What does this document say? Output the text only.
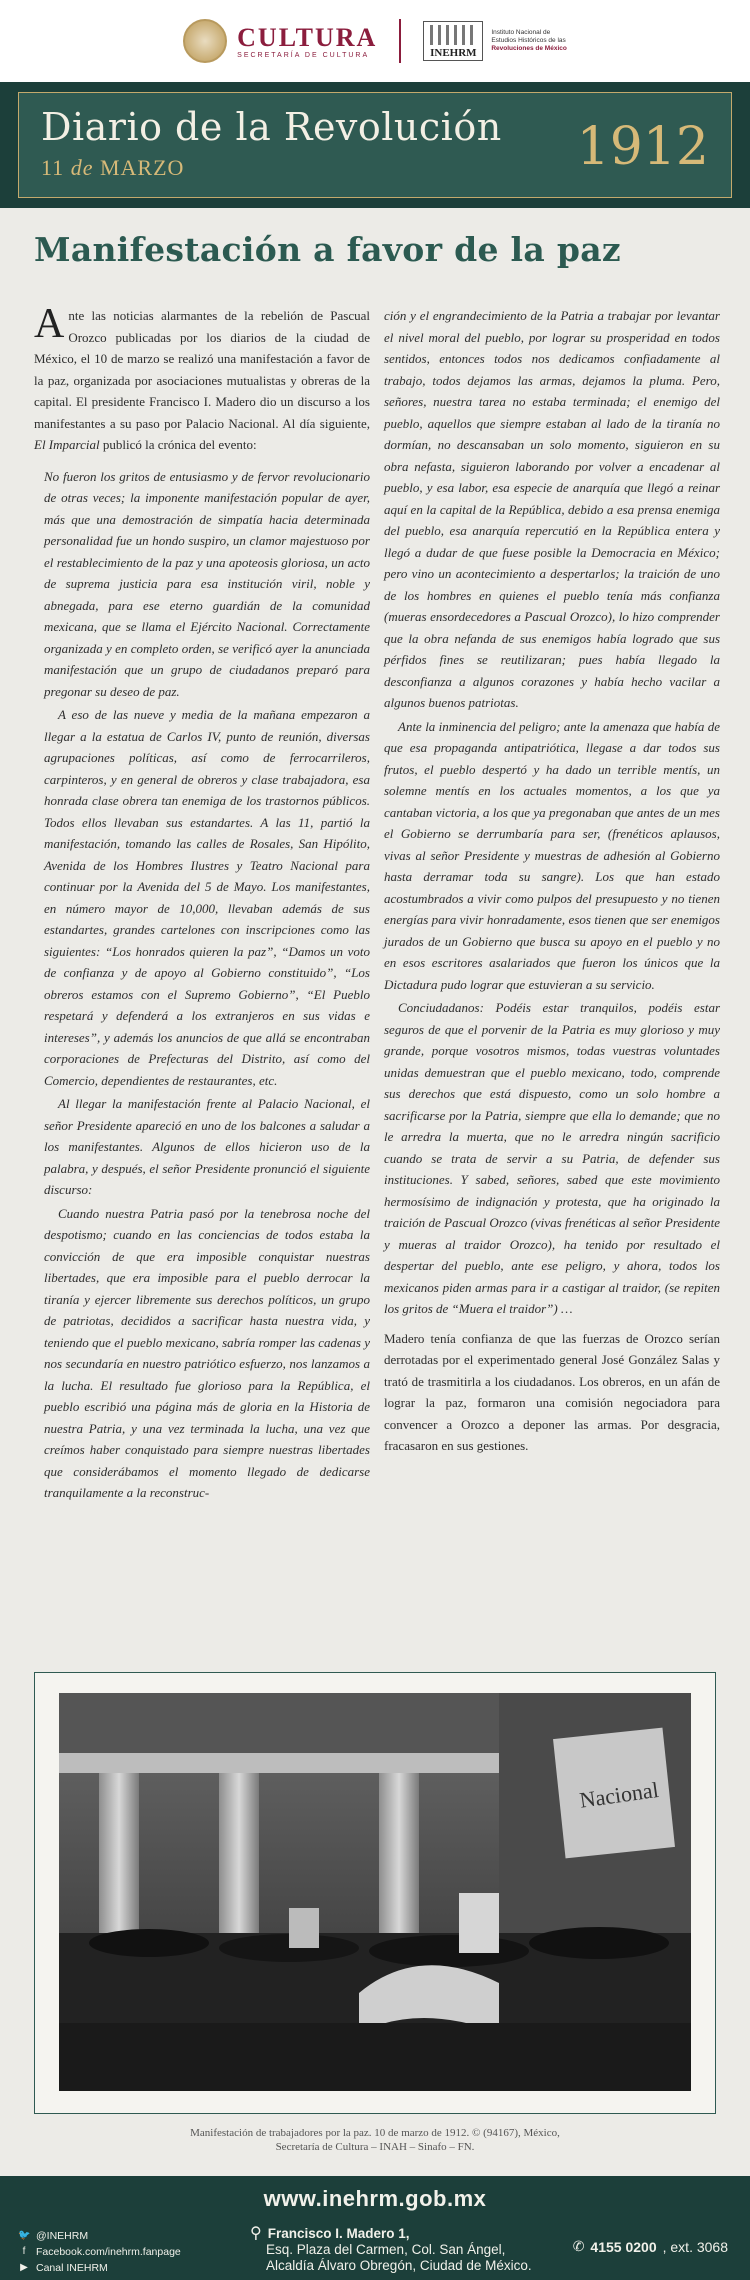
CULTURA
SECRETARÍA DE CULTURA	INEHRM
Instituto Nacional de
Estudios Históricos de las
Revoluciones de México
Diario de la Revolución
11 de MARZO	1912
Manifestación a favor de la paz

Ante las noticias alarmantes de la rebelión de Pascual Orozco publicadas por los diarios de la ciudad de México, el 10 de marzo se realizó una manifestación a favor de la paz, organizada por asociaciones mutualistas y obreras de la capital. El presidente Francisco I. Madero dio un discurso a los manifestantes a su paso por Palacio Nacional. Al día siguiente, El Imparcial publicó la crónica del evento:

No fueron los gritos de entusiasmo y de fervor revolucionario de otras veces; la imponente manifestación popular de ayer, más que una demostración de simpatía hacia determinada personalidad fue un hondo suspiro, un clamor majestuoso por el restablecimiento de la paz y una apoteosis gloriosa, un acto de suprema justicia para esa institución viril, noble y abnegada, para ese eterno guardián de la comunidad mexicana, que se llama el Ejército Nacional. Correctamente organizada y en completo orden, se verificó ayer la anunciada manifestación que un grupo de ciudadanos preparó para pregonar su deseo de paz.

A eso de las nueve y media de la mañana empezaron a llegar a la estatua de Carlos IV, punto de reunión, diversas agrupaciones políticas, así como de ferrocarrileros, carpinteros, y en general de obreros y clase trabajadora, esa honrada clase obrera tan enemiga de los trastornos públicos. Todos ellos llevaban sus estandartes. A las 11, partió la manifestación, tomando las calles de Rosales, San Hipólito, Avenida de los Hombres Ilustres y Teatro Nacional para continuar por la Avenida del 5 de Mayo. Los manifestantes, en número mayor de 10,000, llevaban además de sus estandartes, grandes cartelones con inscripciones como las siguientes: “Los honrados quieren la paz”, “Damos un voto de confianza y de apoyo al Gobierno constituido”, “Los obreros estamos con el Supremo Gobierno”, “El Pueblo respetará y defenderá a los extranjeros en sus vidas e intereses”, y además los anuncios de que allá se encontraban corporaciones de Prefecturas del Distrito, así como del Comercio, dependientes de restaurantes, etc.

Al llegar la manifestación frente al Palacio Nacional, el señor Presidente apareció en uno de los balcones a saludar a los manifestantes. Algunos de ellos hicieron uso de la palabra, y después, el señor Presidente pronunció el siguiente discurso:

Cuando nuestra Patria pasó por la tenebrosa noche del despotismo; cuando en las conciencias de todos estaba la convicción de que era imposible conquistar nuestras libertades, que era imposible para el pueblo derrocar la tiranía y ejercer libremente sus derechos políticos, un grupo de patriotas, decididos a sacrificar hasta nuestra vida, y teniendo que el pueblo mexicano, sabría romper las cadenas y nos secundaría en nuestro patriótico esfuerzo, nos lanzamos a la lucha. El resultado fue glorioso para la República, el pueblo escribió una página más de gloria en la Historia de nuestra Patria, y una vez terminada la lucha, una vez que creímos haber conquistado para siempre nuestras libertades que considerábamos el momento llegado de dedicarse tranquilamente a la reconstruc-

ción y el engrandecimiento de la Patria a trabajar por levantar el nivel moral del pueblo, por lograr su prosperidad en todos sentidos, entonces todos nos dedicamos confiadamente al trabajo, todos dejamos las armas, dejamos la pluma. Pero, señores, nuestra tarea no estaba terminada; el enemigo del pueblo, aquellos que siempre estaban al lado de la tiranía no dormían, no descansaban un solo momento, siguieron en su obra nefasta, siguieron laborando por volver a encadenar al pueblo, y esa labor, esa especie de anarquía que llegó a reinar aquí en la capital de la República, debido a esa prensa enemiga del pueblo, esa anarquía repercutió en la República entera y llegó a dudar de que fuese posible la Democracia en México; pero vino un acontecimiento a despertarlos; la traición de uno de los hombres en quienes el pueblo tenía más confianza (mueras ensordecedores a Pascual Orozco), lo hizo comprender que la obra nefanda de sus enemigos había logrado que sus pérfidos fines se reutilizaran; pues había llegado la desconfianza a algunos corazones y había hecho vacilar a algunos buenos patriotas.

Ante la inminencia del peligro; ante la amenaza que había de que esa propaganda antipatriótica, llegase a dar todos sus frutos, el pueblo despertó y ha dado un terrible mentís, un solemne mentís en los actuales momentos, a los que ya cantaban victoria, a los que ya pregonaban que antes de un mes el Gobierno se derrumbaría para ser, (frenéticos aplausos, vivas al señor Presidente y muestras de adhesión al Gobierno hasta derramar toda su sangre). Los que han estado acostumbrados a vivir como pulpos del presupuesto y no tienen energías para vivir honradamente, esos tienen que ser enemigos jurados de un Gobierno que busca su apoyo en el pueblo y no en esos escritores asalariados que fueron los únicos que la Dictadura pudo lograr que estuvieran a su servicio.

Conciudadanos: Podéis estar tranquilos, podéis estar seguros de que el porvenir de la Patria es muy glorioso y muy grande, porque vosotros mismos, todas vuestras voluntades unidas demuestran que el pueblo mexicano, todo, comprende sus derechos que está dispuesto, como un solo hombre a sacrificarse por la Patria, siempre que ella lo demande; que no le arredra la muerta, que no le arredra ningún sacrificio cuando se trata de servir a su Patria, de defender sus instituciones. Y sabed, señores, sabed que este movimiento hermosísimo de indignación y protesta, que ha originado la traición de Pascual Orozco (vivas frenéticas al señor Presidente y mueras al traidor Orozco), ha tenido por resultado el despertar del pueblo, ante ese peligro, y ahora, todos los mexicanos piden armas para ir a castigar al traidor, (se repiten los gritos de “Muera el traidor”) …

Madero tenía confianza de que las fuerzas de Orozco serían derrotadas por el experimentado general José González Salas y trató de trasmitirla a los ciudadanos. Los obreros, en un afán de lograr la paz, formaron una comisión negociadora para convencer a Orozco a deponer las armas. Por desgracia, fracasaron en sus gestiones.

Nacional
Manifestación de trabajadores por la paz. 10 de marzo de 1912. © (94167), México,
Secretaría de Cultura – INAH – Sinafo – FN.
www.inehrm.gob.mx
🐦 @INEHRM
f	Facebook.com/inehrm.fanpage
▶ Canal INEHRM
⚲ Francisco I. Madero 1,
Esq. Plaza del Carmen, Col. San Ángel,
Alcaldía Álvaro Obregón, Ciudad de México.
✆ 4155 0200 , ext. 3068
